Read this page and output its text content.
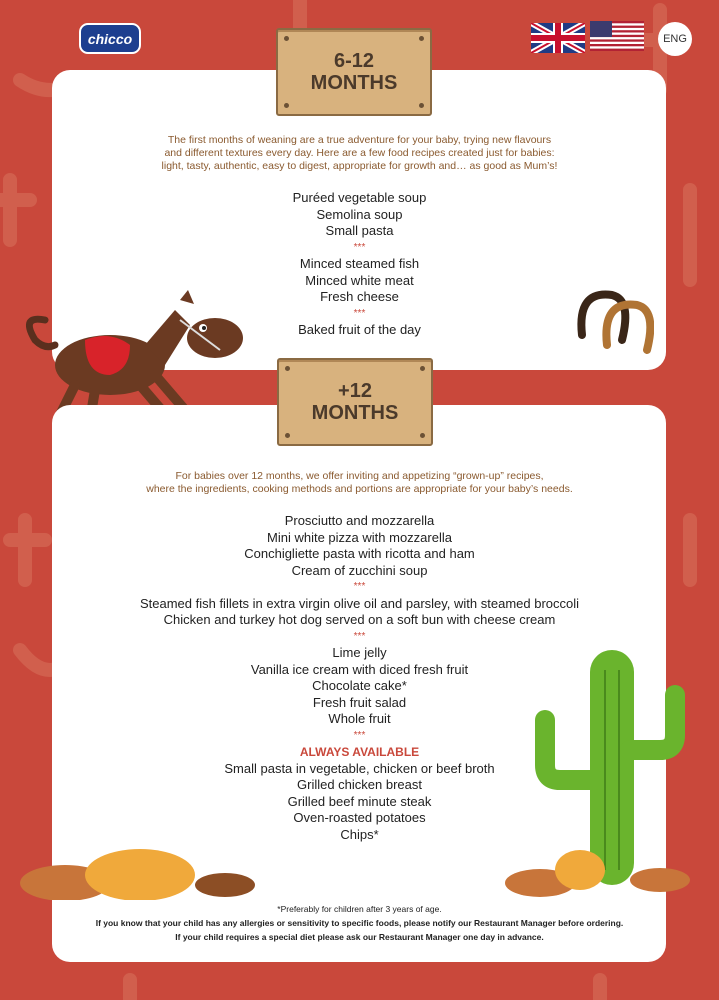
chicco	ENG
6-12
MONTHS
The first months of weaning are a true adventure for your baby, trying new flavours
and different textures every day. Here are a few food recipes created just for babies:
light, tasty, authentic, easy to digest, appropriate for growth and… as good as Mum’s!
Puréed vegetable soup
Semolina soup
Small pasta
***
Minced steamed fish
Minced white meat
Fresh cheese
***
Baked fruit of the day
+12
MONTHS
For babies over 12 months, we offer inviting and appetizing “grown-up” recipes,
where the ingredients, cooking methods and portions are appropriate for your baby’s needs.
Prosciutto and mozzarella
Mini white pizza with mozzarella
Conchigliette pasta with ricotta and ham
Cream of zucchini soup
***
Steamed fish fillets in extra virgin olive oil and parsley, with steamed broccoli
Chicken and turkey hot dog served on a soft bun with cheese cream
***
Lime jelly
Vanilla ice cream with diced fresh fruit
Chocolate cake*
Fresh fruit salad
Whole fruit
***
ALWAYS AVAILABLE
Small pasta in vegetable, chicken or beef broth
Grilled chicken breast
Grilled beef minute steak
Oven-roasted potatoes
Chips*
*Preferably for children after 3 years of age.
If you know that your child has any allergies or sensitivity to specific foods, please notify our Restaurant Manager before ordering.
If your child requires a special diet please ask our Restaurant Manager one day in advance.
